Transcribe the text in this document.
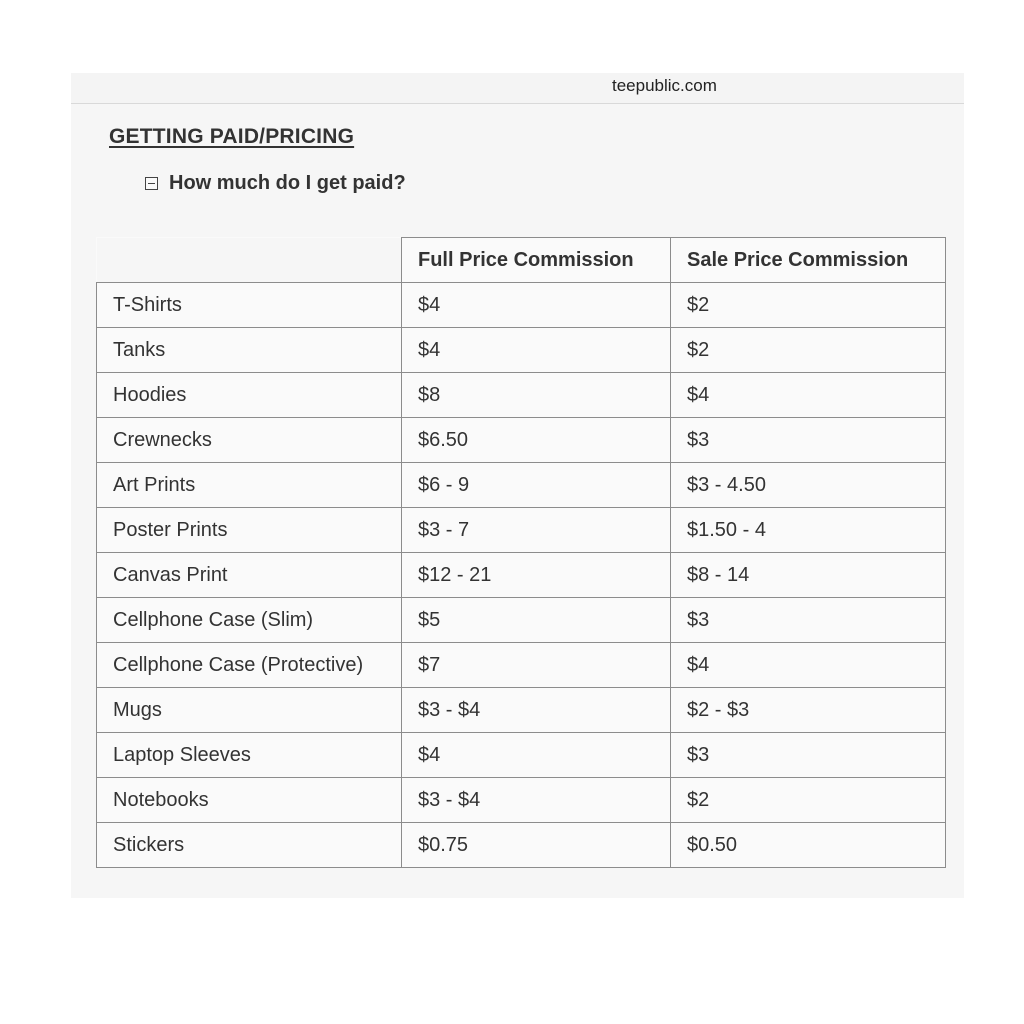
teepublic.com
GETTING PAID/PRICING
How much do I get paid?
	Full Price Commission	Sale Price Commission
T-Shirts	$4	$2
Tanks	$4	$2
Hoodies	$8	$4
Crewnecks	$6.50	$3
Art Prints	$6 - 9	$3 - 4.50
Poster Prints	$3 - 7	$1.50 - 4
Canvas Print	$12 - 21	$8 - 14
Cellphone Case (Slim)	$5	$3
Cellphone Case (Protective)	$7	$4
Mugs	$3 - $4	$2 - $3
Laptop Sleeves	$4	$3
Notebooks	$3 - $4	$2
Stickers	$0.75	$0.50
